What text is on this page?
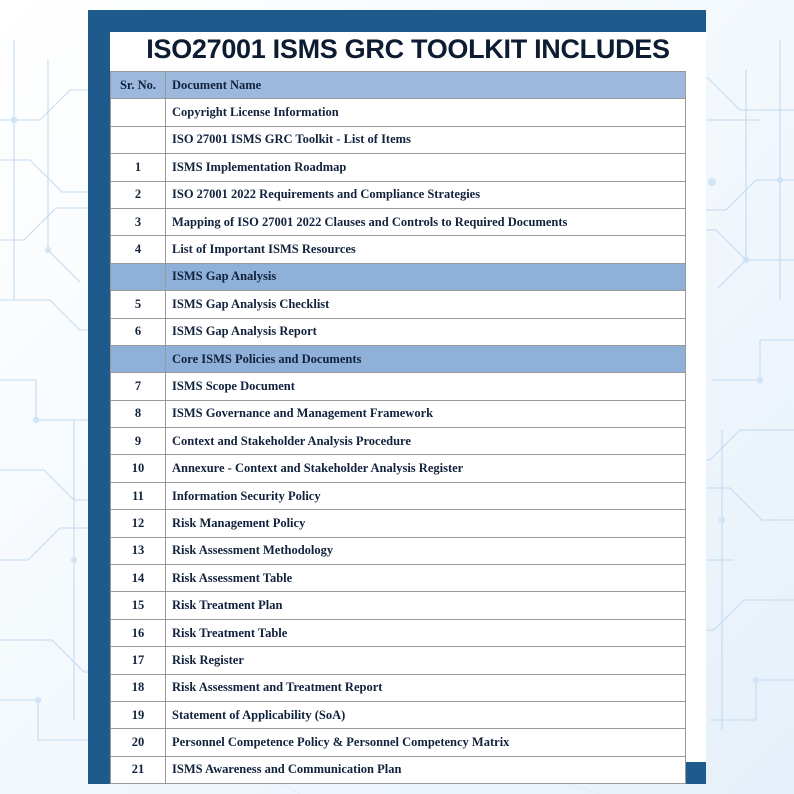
ISO27001 ISMS GRC TOOLKIT INCLUDES
Sr. No.	Document Name
	Copyright License Information
	ISO 27001 ISMS GRC Toolkit - List of Items
1	ISMS Implementation Roadmap
2	ISO 27001 2022 Requirements and Compliance Strategies
3	Mapping of ISO 27001 2022 Clauses and Controls to Required Documents
4	List of Important ISMS Resources
	ISMS Gap Analysis
5	ISMS Gap Analysis Checklist
6	ISMS Gap Analysis Report
	Core ISMS Policies and Documents
7	ISMS Scope Document
8	ISMS Governance and Management Framework
9	Context and Stakeholder Analysis Procedure
10	Annexure - Context and Stakeholder Analysis Register
11	Information Security Policy
12	Risk Management Policy
13	Risk Assessment Methodology
14	Risk Assessment Table
15	Risk Treatment Plan
16	Risk Treatment Table
17	Risk Register
18	Risk Assessment and Treatment Report
19	Statement of Applicability (SoA)
20	Personnel Competence Policy & Personnel Competency Matrix
21	ISMS Awareness and Communication Plan
